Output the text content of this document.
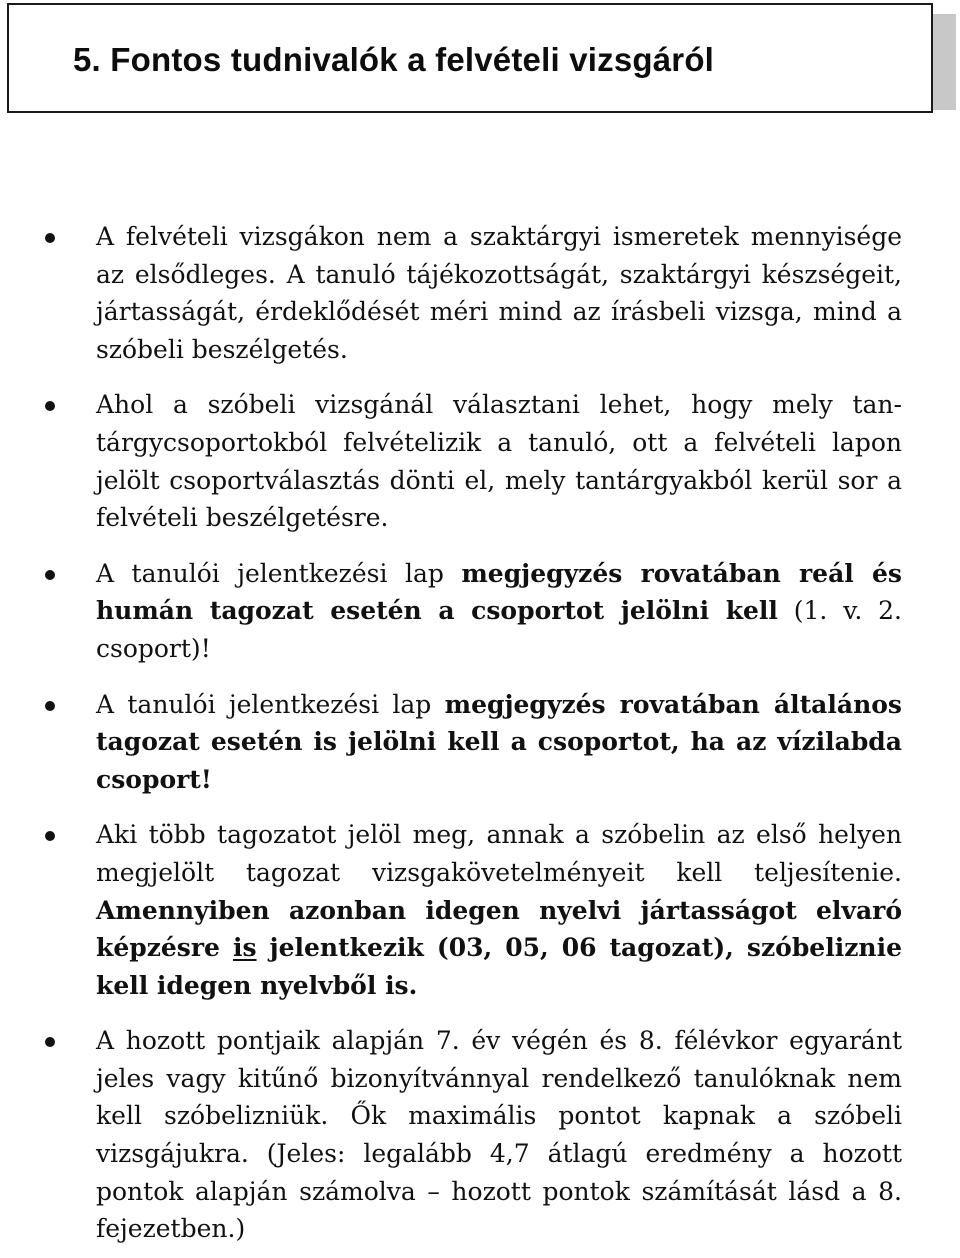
5. Fontos tudnivalók a felvételi vizsgáról
A felvételi vizsgákon nem a szaktárgyi ismeretek mennyisége az elsődleges. A tanuló tájékozottságát, szaktárgyi készségeit, jártasságát, érdeklődését méri mind az írásbeli vizsga, mind a szóbeli beszélgetés.
Ahol a szóbeli vizsgánál választani lehet, hogy mely tantárgycsoportokból felvételizik a tanuló, ott a felvételi lapon jelölt csoportválasztás dönti el, mely tantárgyakból kerül sor a felvételi beszélgetésre.
A tanulói jelentkezési lap megjegyzés rovatában reál és humán tagozat esetén a csoportot jelölni kell (1. v. 2. csoport)!
A tanulói jelentkezési lap megjegyzés rovatában általános tagozat esetén is jelölni kell a csoportot, ha az vízilabda csoport!
Aki több tagozatot jelöl meg, annak a szóbelin az első helyen megjelölt tagozat vizsgakövetelményeit kell teljesítenie. Amennyiben azonban idegen nyelvi jártasságot elvaró képzésre is jelentkezik (03, 05, 06 tagozat), szóbeliznie kell idegen nyelvből is.
A hozott pontjaik alapján 7. év végén és 8. félévkor egyaránt jeles vagy kitűnő bizonyítvánnyal rendelkező tanulóknak nem kell szóbelizniük. Ők maximális pontot kapnak a szóbeli vizsgájukra. (Jeles: legalább 4,7 átlagú eredmény a hozott pontok alapján számolva – hozott pontok számítását lásd a 8. fejezetben.)
